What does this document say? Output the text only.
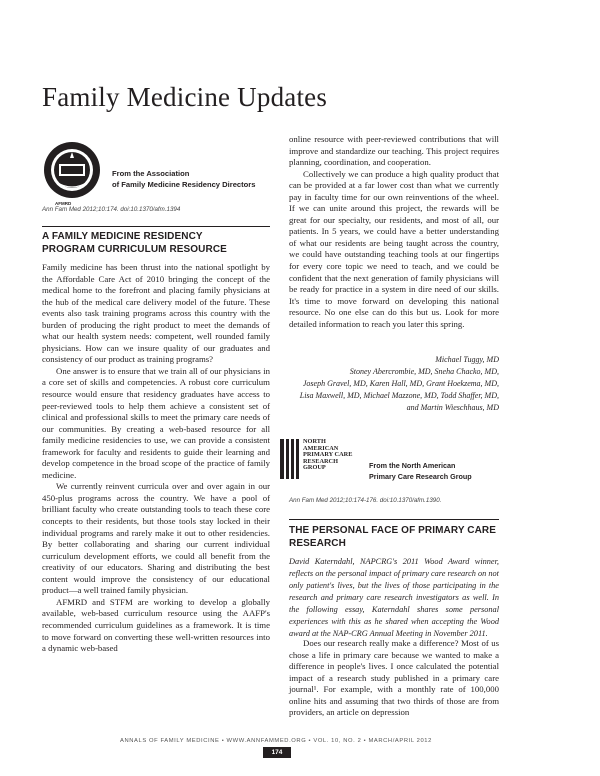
Family Medicine Updates
AFMRD
From the Association
of Family Medicine Residency Directors
Ann Fam Med 2012;10:174. doi:10.1370/afm.1394
A FAMILY MEDICINE RESIDENCY
PROGRAM CURRICULUM RESOURCE

Family medicine has been thrust into the national spotlight by the Affordable Care Act of 2010 bringing the concept of the medical home to the forefront and placing family physicians at the hub of the medical care delivery model of the future. These events also task training programs across this country with the burden of producing the right product to meet the demands of what our health system needs: competent, well rounded family physicians. How can we insure quality of our graduates and consistency of our product as training programs?

One answer is to ensure that we train all of our physicians in a core set of skills and competencies. A robust core curriculum resource would ensure that residency graduates have access to peer-reviewed tools to help them achieve a consistent set of clinical and professional skills to meet the primary care needs of our communities. By creating a web-based resource for all family medicine residencies to use, we can provide a consistent framework for faculty and residents to guide their learning and develop competence in the broad scope of the practice of family medicine.

We currently reinvent curricula over and over again in our 450-plus programs across the country. We have a pool of brilliant faculty who create outstanding tools to teach these core concepts to their residents, but those tools stay locked in their individual programs and rarely make it out to other residencies. By better collaborating and sharing our current individual curriculum development efforts, we could all benefit from the creativity of our educators. Sharing and distributing the best content would improve the consistency of our educational product—a well trained family physician.

AFMRD and STFM are working to develop a globally available, web-based curriculum resource using the AAFP's recommended curriculum guidelines as a framework. It is time to move forward on converting these well-written resources into a dynamic web-based

online resource with peer-reviewed contributions that will improve and standardize our teaching. This project requires planning, coordination, and cooperation.

Collectively we can produce a high quality product that can be provided at a far lower cost than what we currently pay in faculty time for our own reinventions of the wheel. If we can unite around this project, the rewards will be great for our specialty, our residents, and most of all, our patients. In 5 years, we could have a better understanding of what our residents are being taught across the country, we could have outstanding teaching tools at our fingertips for every core topic we need to teach, and we could be confident that the next generation of family physicians will be ready for practice in a system in dire need of our skills. It's time to move forward on developing this national resource. No one else can do this but us. Look for more detailed information to reach you later this spring.

Michael Tuggy, MD
Stoney Abercrombie, MD, Sneha Chacko, MD,
Joseph Gravel, MD, Karen Hall, MD, Grant Hoekzema, MD,
Lisa Maxwell, MD, Michael Mazzone, MD, Todd Shaffer, MD,
and Martin Wieschhaus, MD
NORTH
AMERICAN
PRIMARY CARE
RESEARCH
GROUP	From the North American
Primary Care Research Group
Ann Fam Med 2012;10:174-176. doi:10.1370/afm.1390.
THE PERSONAL FACE OF PRIMARY CARE
RESEARCH
David Katerndahl, NAPCRG's 2011 Wood Award winner, reflects on the personal impact of primary care research on not only patient's lives, but the lives of those participating in the research and primary care research investigators as well. In the following essay, Katerndahl shares some personal experiences with this as he shared when accepting the Wood award at the NAP-CRG Annual Meeting in November 2011.

Does our research really make a difference? Most of us chose a life in primary care because we wanted to make a difference in people's lives. I once calculated the potential impact of a research study published in a primary care journal¹. For example, with a monthly rate of 100,000 online hits and assuming that two thirds of those are from providers, an article on depression

ANNALS OF FAMILY MEDICINE • WWW.ANNFAMMED.ORG • VOL. 10, NO. 2 • MARCH/APRIL 2012
174
